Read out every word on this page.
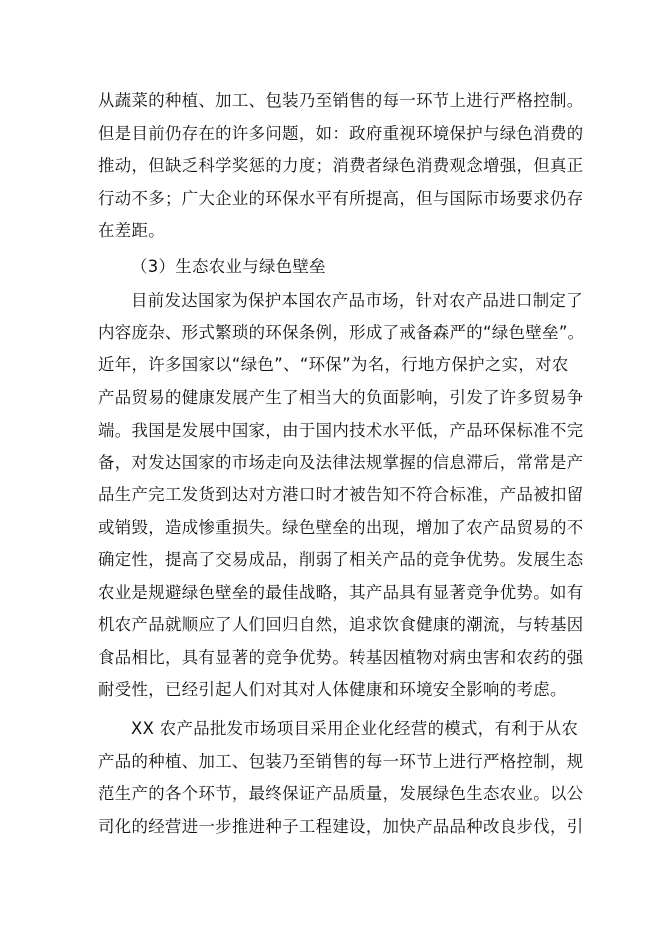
从蔬菜的种植、加工、包装乃至销售的每一环节上进行严格控制。
但是目前仍存在的许多问题，如：政府重视环境保护与绿色消费的
推动，但缺乏科学奖惩的力度；消费者绿色消费观念增强，但真正
行动不多；广大企业的环保水平有所提高，但与国际市场要求仍存
在差距。
（3）生态农业与绿色壁垒
目前发达国家为保护本国农产品市场，针对农产品进口制定了
内容庞杂、形式繁琐的环保条例，形成了戒备森严的“绿色壁垒”。
近年，许多国家以“绿色”、“环保”为名，行地方保护之实，对农
产品贸易的健康发展产生了相当大的负面影响，引发了许多贸易争
端。我国是发展中国家，由于国内技术水平低，产品环保标准不完
备，对发达国家的市场走向及法律法规掌握的信息滞后，常常是产
品生产完工发货到达对方港口时才被告知不符合标准，产品被扣留
或销毁，造成惨重损失。绿色壁垒的出现，增加了农产品贸易的不
确定性，提高了交易成品，削弱了相关产品的竞争优势。发展生态
农业是规避绿色壁垒的最佳战略，其产品具有显著竞争优势。如有
机农产品就顺应了人们回归自然，追求饮食健康的潮流，与转基因
食品相比，具有显著的竞争优势。转基因植物对病虫害和农药的强
耐受性，已经引起人们对其对人体健康和环境安全影响的考虑。
XX 农产品批发市场项目采用企业化经营的模式，有利于从农
产品的种植、加工、包装乃至销售的每一环节上进行严格控制，规
范生产的各个环节，最终保证产品质量，发展绿色生态农业。以公
司化的经营进一步推进种子工程建设，加快产品品种改良步伐，引
